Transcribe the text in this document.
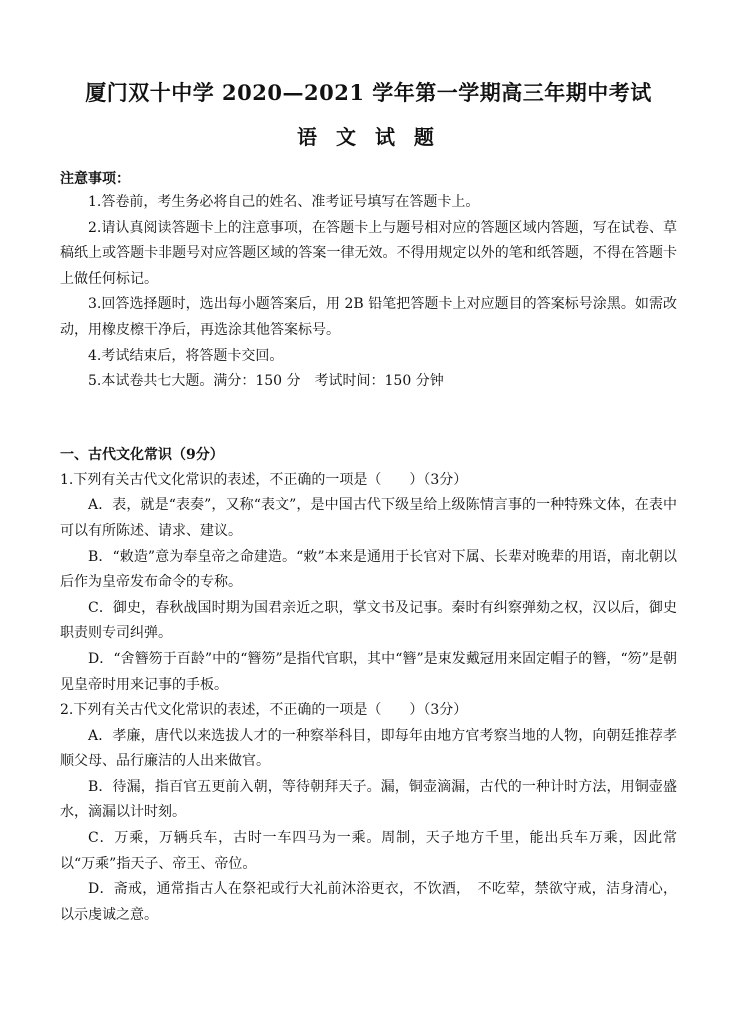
厦门双十中学 2020—2021 学年第一学期高三年期中考试
语 文 试 题
注意事项：

1.答卷前，考生务必将自己的姓名、准考证号填写在答题卡上。

2.请认真阅读答题卡上的注意事项，在答题卡上与题号相对应的答题区域内答题，写在试卷、草稿纸上或答题卡非题号对应答题区域的答案一律无效。不得用规定以外的笔和纸答题，不得在答题卡上做任何标记。

3.回答选择题时，选出每小题答案后，用 2B 铅笔把答题卡上对应题目的答案标号涂黑。如需改动，用橡皮檫干净后，再选涂其他答案标号。

4.考试结束后，将答题卡交回。

5.本试卷共七大题。满分：150 分　考试时间：150 分钟

一、古代文化常识（9分）

1.下列有关古代文化常识的表述，不正确的一项是（　　）（3分）

A．表，就是“表奏”，又称“表文”，是中国古代下级呈给上级陈情言事的一种特殊文体，在表中可以有所陈述、请求、建议。

B．“敕造”意为奉皇帝之命建造。“敕”本来是通用于长官对下属、长辈对晚辈的用语，南北朝以后作为皇帝发布命令的专称。

C．御史，春秋战国时期为国君亲近之职，掌文书及记事。秦时有纠察弹劾之权，汉以后，御史职责则专司纠弹。

D．“舍簪笏于百龄”中的“簪笏”是指代官职，其中“簪”是束发戴冠用来固定帽子的簪，“笏”是朝见皇帝时用来记事的手板。

2.下列有关古代文化常识的表述，不正确的一项是（　　）（3分）

A．孝廉，唐代以来选拔人才的一种察举科目，即每年由地方官考察当地的人物，向朝廷推荐孝顺父母、品行廉洁的人出来做官。

B．待漏，指百官五更前入朝，等待朝拜天子。漏，铜壶滴漏，古代的一种计时方法，用铜壶盛水，滴漏以计时刻。

C．万乘，万辆兵车，古时一车四马为一乘。周制，天子地方千里，能出兵车万乘，因此常以“万乘”指天子、帝王、帝位。

D．斋戒，通常指古人在祭祀或行大礼前沐浴更衣，不饮酒，　不吃荤，禁欲守戒，洁身清心，以示虔诚之意。
